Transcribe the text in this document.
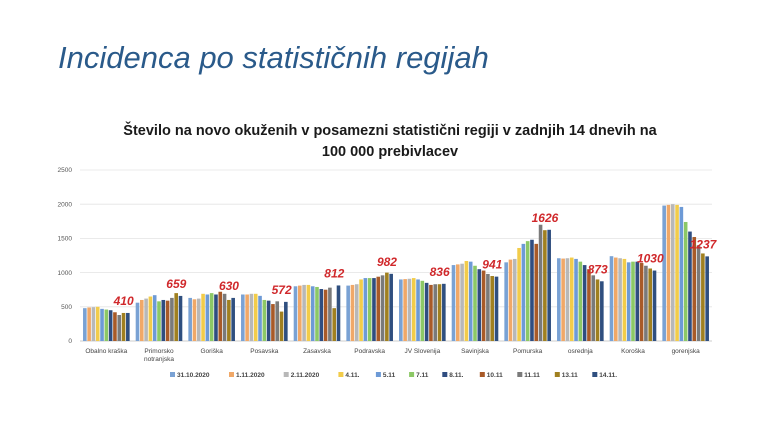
Incidenca po statističnih regijah
Število na novo okuženih v posamezni statistični regiji v zadnjih 14 dnevih na 100 000 prebivlacev
0
500
1000
1500
2000
2500
Obalno kraška	Primorsko
notranjska
Goriška	Posavska	Zasavska	Podravska	JV Slovenija	Savinjska	Pomurska	osrednja	Koroška	gorenjska
410
659	630	572
812
982
836
941
1626
873
1030
1237
31.10.2020	1.11.2020	2.11.2020	4.11.	5.11	7.11	8.11.	10.11	11.11	13.11	14.11.
